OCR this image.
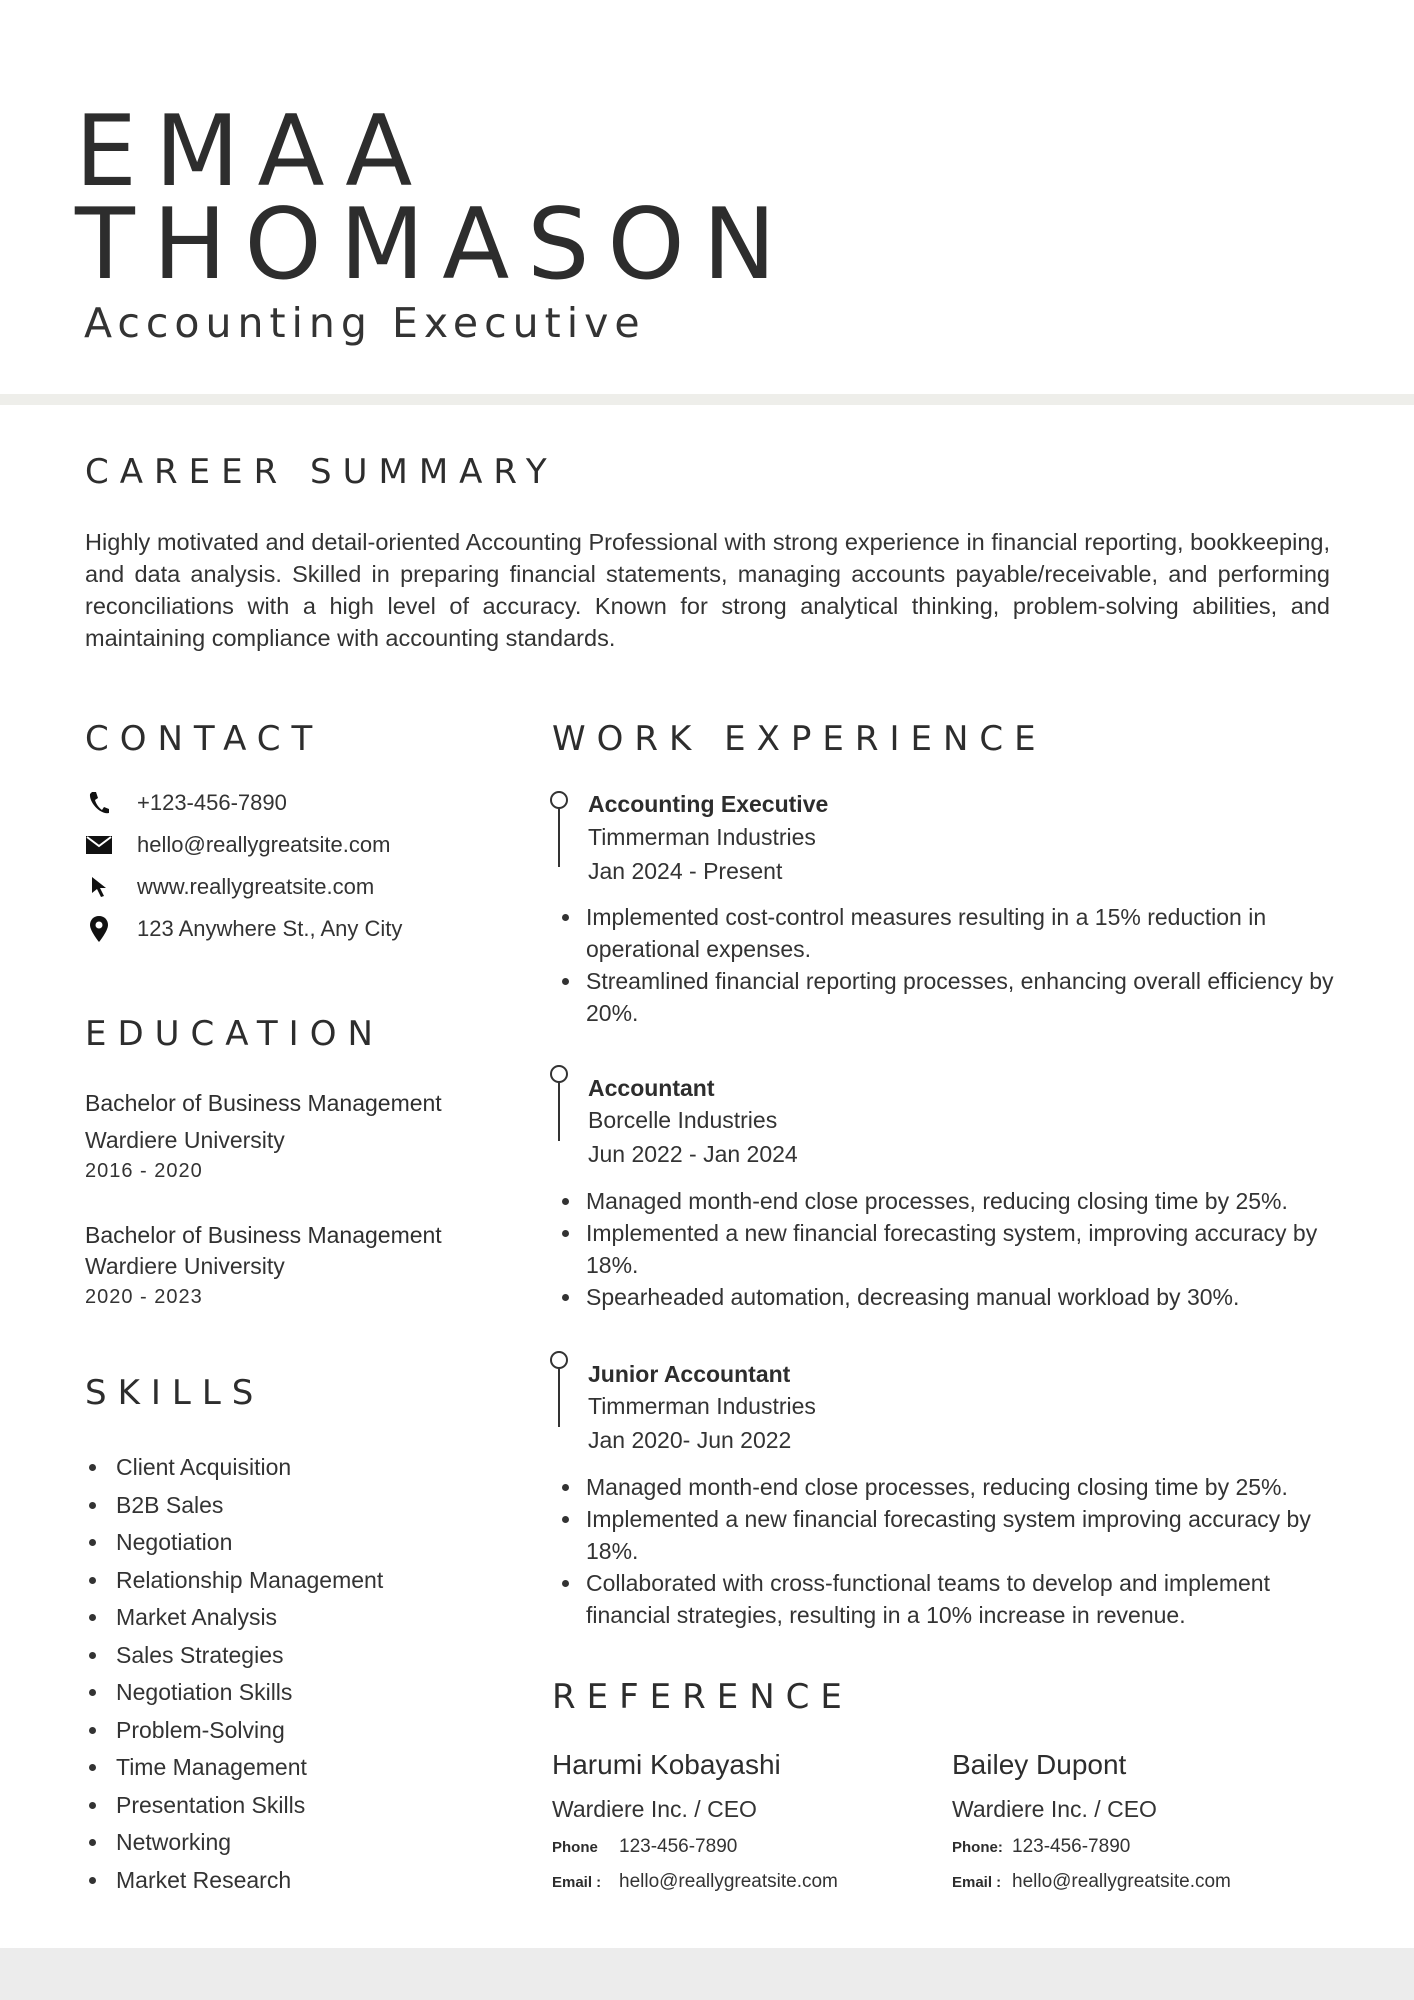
EMAA
THOMASON
Accounting Executive
CAREER SUMMARY

Highly motivated and detail-oriented Accounting Professional with strong experience in financial reporting, bookkeeping, and data analysis. Skilled in preparing financial statements, managing accounts payable/receivable, and performing reconciliations with a high level of accuracy. Known for strong analytical thinking, problem-solving abilities, and maintaining compliance with accounting standards.

CONTACT
+123-456-7890
hello@reallygreatsite.com
www.reallygreatsite.com
123 Anywhere St., Any City
EDUCATION
Bachelor of Business Management
Wardiere University
2016 - 2020
Bachelor of Business Management
Wardiere University
2020 - 2023
SKILLS
Client Acquisition
B2B Sales
Negotiation
Relationship Management
Market Analysis
Sales Strategies
Negotiation Skills
Problem-Solving
Time Management
Presentation Skills
Networking
Market Research
WORK EXPERIENCE
Accounting Executive
Timmerman Industries
Jan 2024 - Present
Implemented cost-control measures resulting in a 15% reduction in operational expenses.
Streamlined financial reporting processes, enhancing overall efficiency by 20%.
Accountant
Borcelle Industries
Jun 2022 - Jan 2024
Managed month-end close processes, reducing closing time by 25%.
Implemented a new financial forecasting system, improving accuracy by 18%.
Spearheaded automation, decreasing manual workload by 30%.
Junior Accountant
Timmerman Industries
Jan 2020- Jun 2022
Managed month-end close processes, reducing closing time by 25%.
Implemented a new financial forecasting system improving accuracy by 18%.
Collaborated with cross-functional teams to develop and implement financial strategies, resulting in a 10% increase in revenue.
REFERENCE
Harumi Kobayashi
Wardiere Inc. / CEO
Phone	123-456-7890
Email : hello@reallygreatsite.com
Bailey Dupont
Wardiere Inc. / CEO
Phone: 123-456-7890
Email : hello@reallygreatsite.com
